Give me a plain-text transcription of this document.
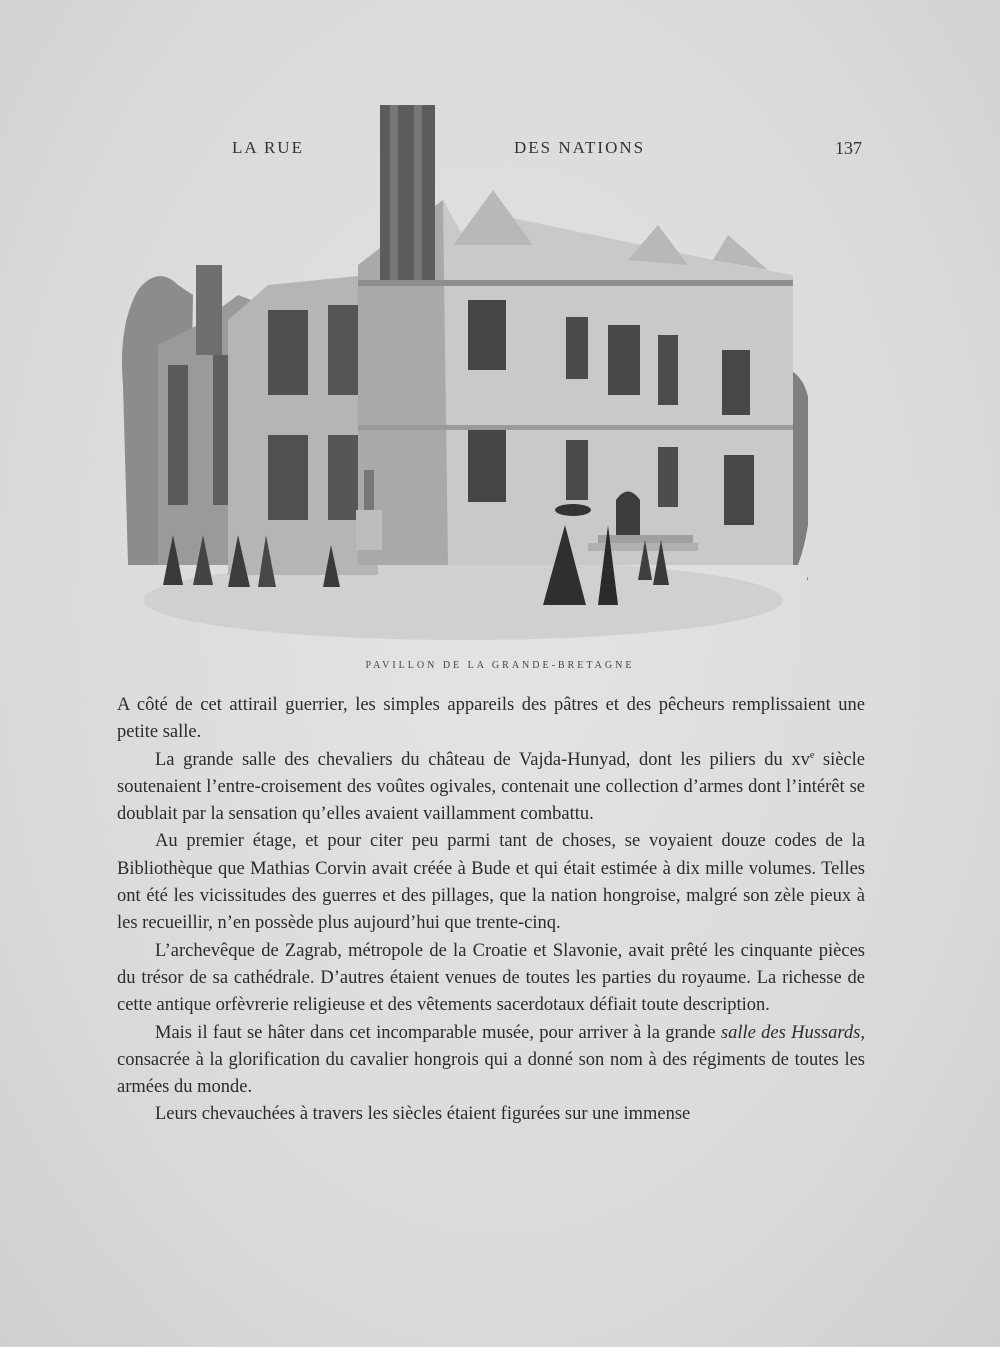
LA RUE	DES NATIONS	137
PAVILLON DE LA GRANDE-BRETAGNE

A côté de cet attirail guerrier, les simples appareils des pâtres et des pêcheurs remplissaient une petite salle.

La grande salle des chevaliers du château de Vajda-Hunyad, dont les piliers du $xv^e$ siècle soutenaient l’entre-croisement des voûtes ogivales, contenait une collection d’armes dont l’intérêt se doublait par la sensation qu’elles avaient vaillamment combattu.

Au premier étage, et pour citer peu parmi tant de choses, se voyaient douze codes de la Bibliothèque que Mathias Corvin avait créée à Bude et qui était estimée à dix mille volumes. Telles ont été les vicissitudes des guerres et des pillages, que la nation hongroise, malgré son zèle pieux à les recueillir, n’en possède plus aujourd’hui que trente-cinq.

L’archevêque de Zagrab, métropole de la Croatie et Slavonie, avait prêté les cinquante pièces du trésor de sa cathédrale. D’autres étaient venues de toutes les parties du royaume. La richesse de cette antique orfèvrerie religieuse et des vêtements sacerdotaux défiait toute description.

Mais il faut se hâter dans cet incomparable musée, pour arriver à la grande salle des Hussards, consacrée à la glorification du cavalier hongrois qui a donné son nom à des régiments de toutes les armées du monde.

Leurs chevauchées à travers les siècles étaient figurées sur une immense
